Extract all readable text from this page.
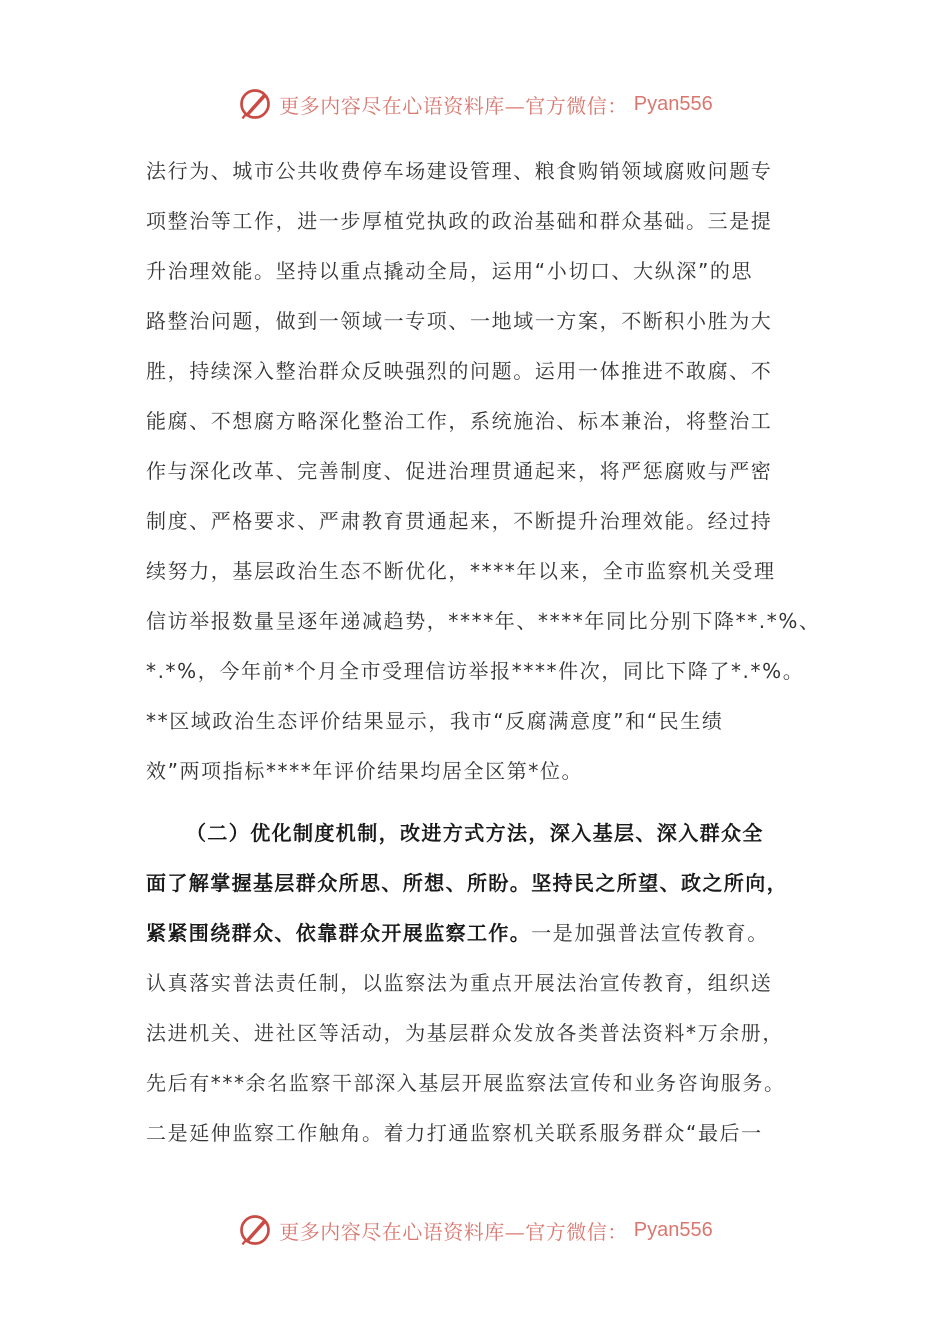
更多内容尽在心语资料库—官方微信： Pyan556
法行为、城市公共收费停车场建设管理、粮食购销领域腐败问题专
项整治等工作，进一步厚植党执政的政治基础和群众基础。三是提
升治理效能。坚持以重点撬动全局，运用“小切口、大纵深”的思
路整治问题，做到一领域一专项、一地域一方案，不断积小胜为大
胜，持续深入整治群众反映强烈的问题。运用一体推进不敢腐、不
能腐、不想腐方略深化整治工作，系统施治、标本兼治，将整治工
作与深化改革、完善制度、促进治理贯通起来，将严惩腐败与严密
制度、严格要求、严肃教育贯通起来，不断提升治理效能。经过持
续努力，基层政治生态不断优化，****年以来，全市监察机关受理
信访举报数量呈逐年递减趋势，****年、****年同比分别下降**.*%、
*.*%，今年前*个月全市受理信访举报****件次，同比下降了*.*%。
**区域政治生态评价结果显示，我市“反腐满意度”和“民生绩
效”两项指标****年评价结果均居全区第*位。
（二）优化制度机制，改进方式方法，深入基层、深入群众全
面了解掌握基层群众所思、所想、所盼。坚持民之所望、政之所向，
紧紧围绕群众、依靠群众开展监察工作。一是加强普法宣传教育。
认真落实普法责任制，以监察法为重点开展法治宣传教育，组织送
法进机关、进社区等活动，为基层群众发放各类普法资料*万余册，
先后有***余名监察干部深入基层开展监察法宣传和业务咨询服务。
二是延伸监察工作触角。着力打通监察机关联系服务群众“最后一
更多内容尽在心语资料库—官方微信： Pyan556
